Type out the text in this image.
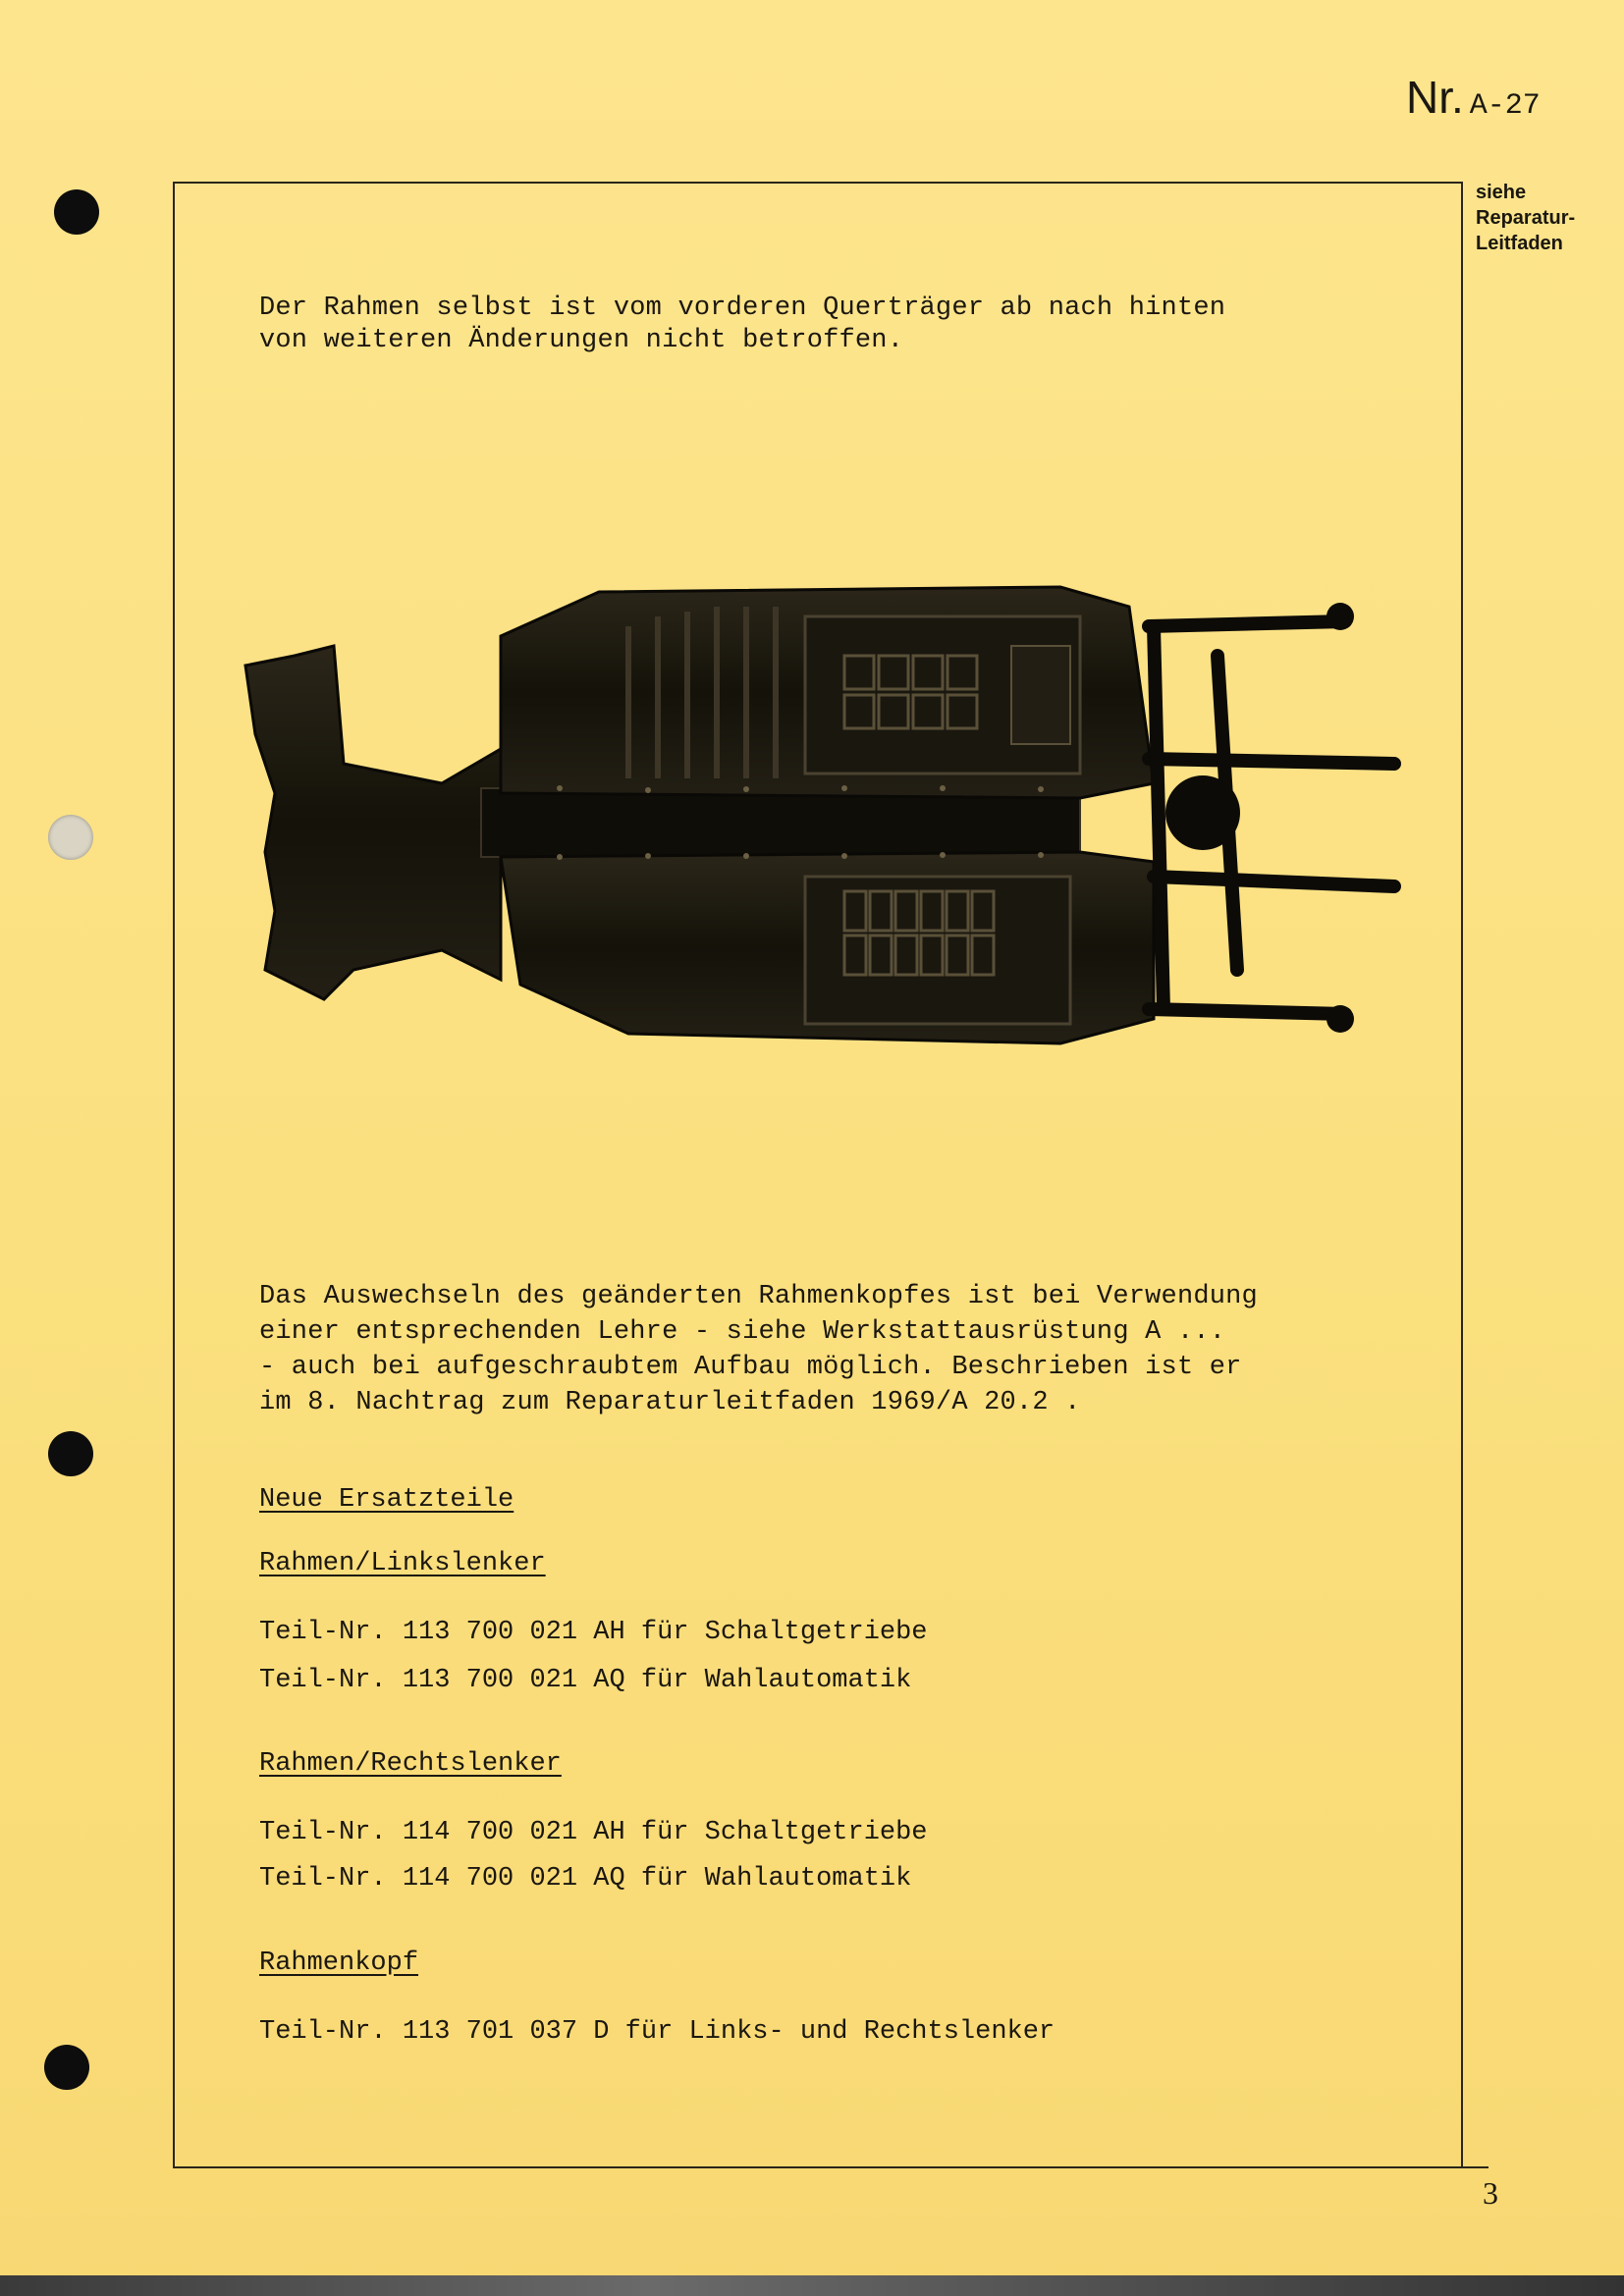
Nr. A-27
siehe
Reparatur-
Leitfaden
Der Rahmen selbst ist vom vorderen Querträger ab nach hinten
von weiteren Änderungen nicht betroffen.
Das Auswechseln des geänderten Rahmenkopfes ist bei Verwendung
einer entsprechenden Lehre - siehe Werkstattausrüstung A ...
- auch bei aufgeschraubtem Aufbau möglich. Beschrieben ist er
im 8. Nachtrag zum Reparaturleitfaden 1969/A 20.2 .
Neue Ersatzteile
Rahmen/Linkslenker
Teil-Nr. 113 700 021 AH für Schaltgetriebe
Teil-Nr. 113 700 021 AQ für Wahlautomatik
Rahmen/Rechtslenker
Teil-Nr. 114 700 021 AH für Schaltgetriebe
Teil-Nr. 114 700 021 AQ für Wahlautomatik
Rahmenkopf
Teil-Nr. 113 701 037 D für Links- und Rechtslenker
3
